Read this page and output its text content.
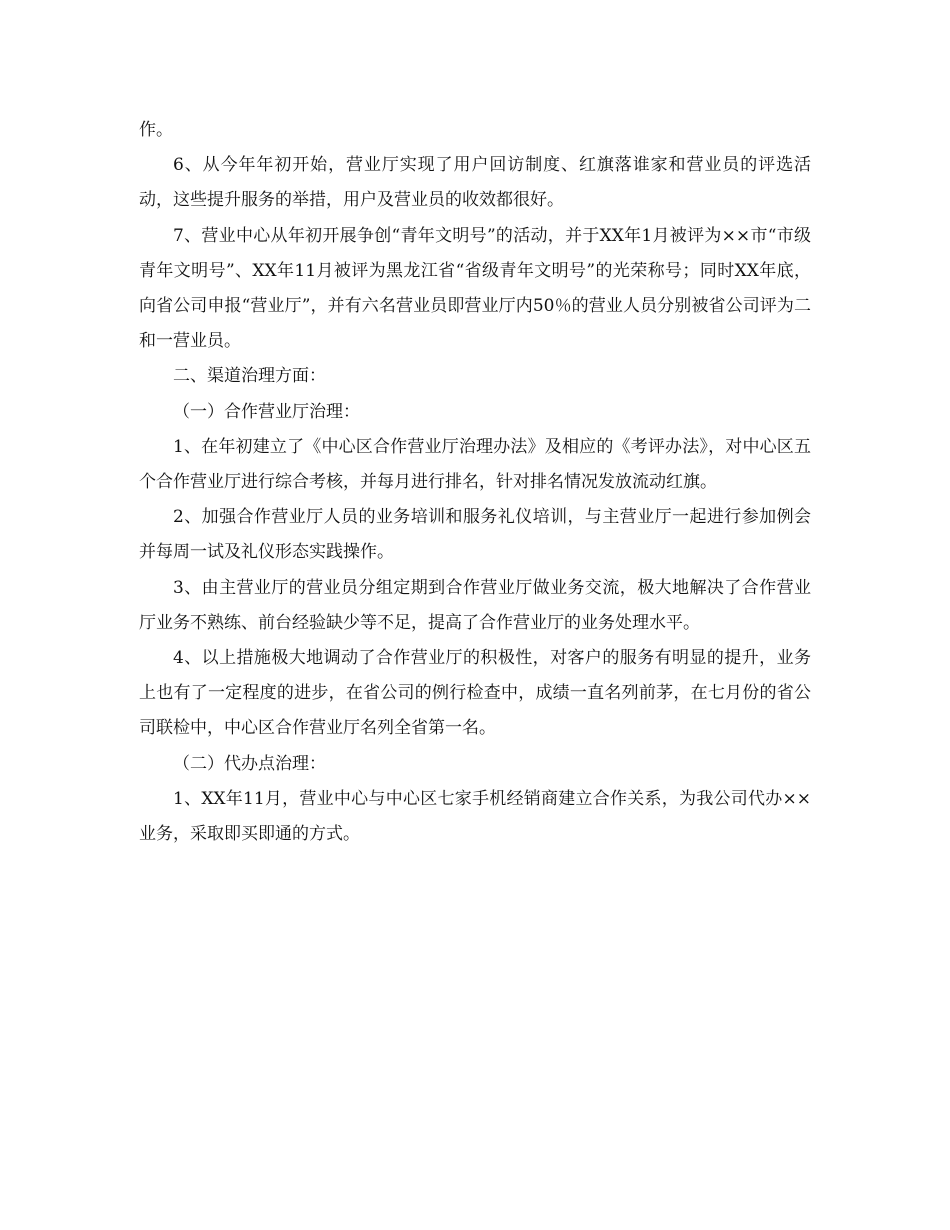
作。

6、从今年年初开始，营业厅实现了用户回访制度、红旗落谁家和营业员的评选活动，这些提升服务的举措，用户及营业员的收效都很好。

7、营业中心从年初开展争创“青年文明号”的活动，并于XX年1月被评为××市“市级青年文明号”、XX年11月被评为黑龙江省“省级青年文明号”的光荣称号；同时XX年底，向省公司申报“营业厅”，并有六名营业员即营业厅内50％的营业人员分别被省公司评为二和一营业员。

二、渠道治理方面：

（一）合作营业厅治理：

1、在年初建立了《中心区合作营业厅治理办法》及相应的《考评办法》，对中心区五个合作营业厅进行综合考核，并每月进行排名，针对排名情况发放流动红旗。

2、加强合作营业厅人员的业务培训和服务礼仪培训，与主营业厅一起进行参加例会并每周一试及礼仪形态实践操作。

3、由主营业厅的营业员分组定期到合作营业厅做业务交流，极大地解决了合作营业厅业务不熟练、前台经验缺少等不足，提高了合作营业厅的业务处理水平。

4、以上措施极大地调动了合作营业厅的积极性，对客户的服务有明显的提升，业务上也有了一定程度的进步，在省公司的例行检查中，成绩一直名列前茅，在七月份的省公司联检中，中心区合作营业厅名列全省第一名。

（二）代办点治理：

1、XX年11月，营业中心与中心区七家手机经销商建立合作关系，为我公司代办××业务，采取即买即通的方式。
